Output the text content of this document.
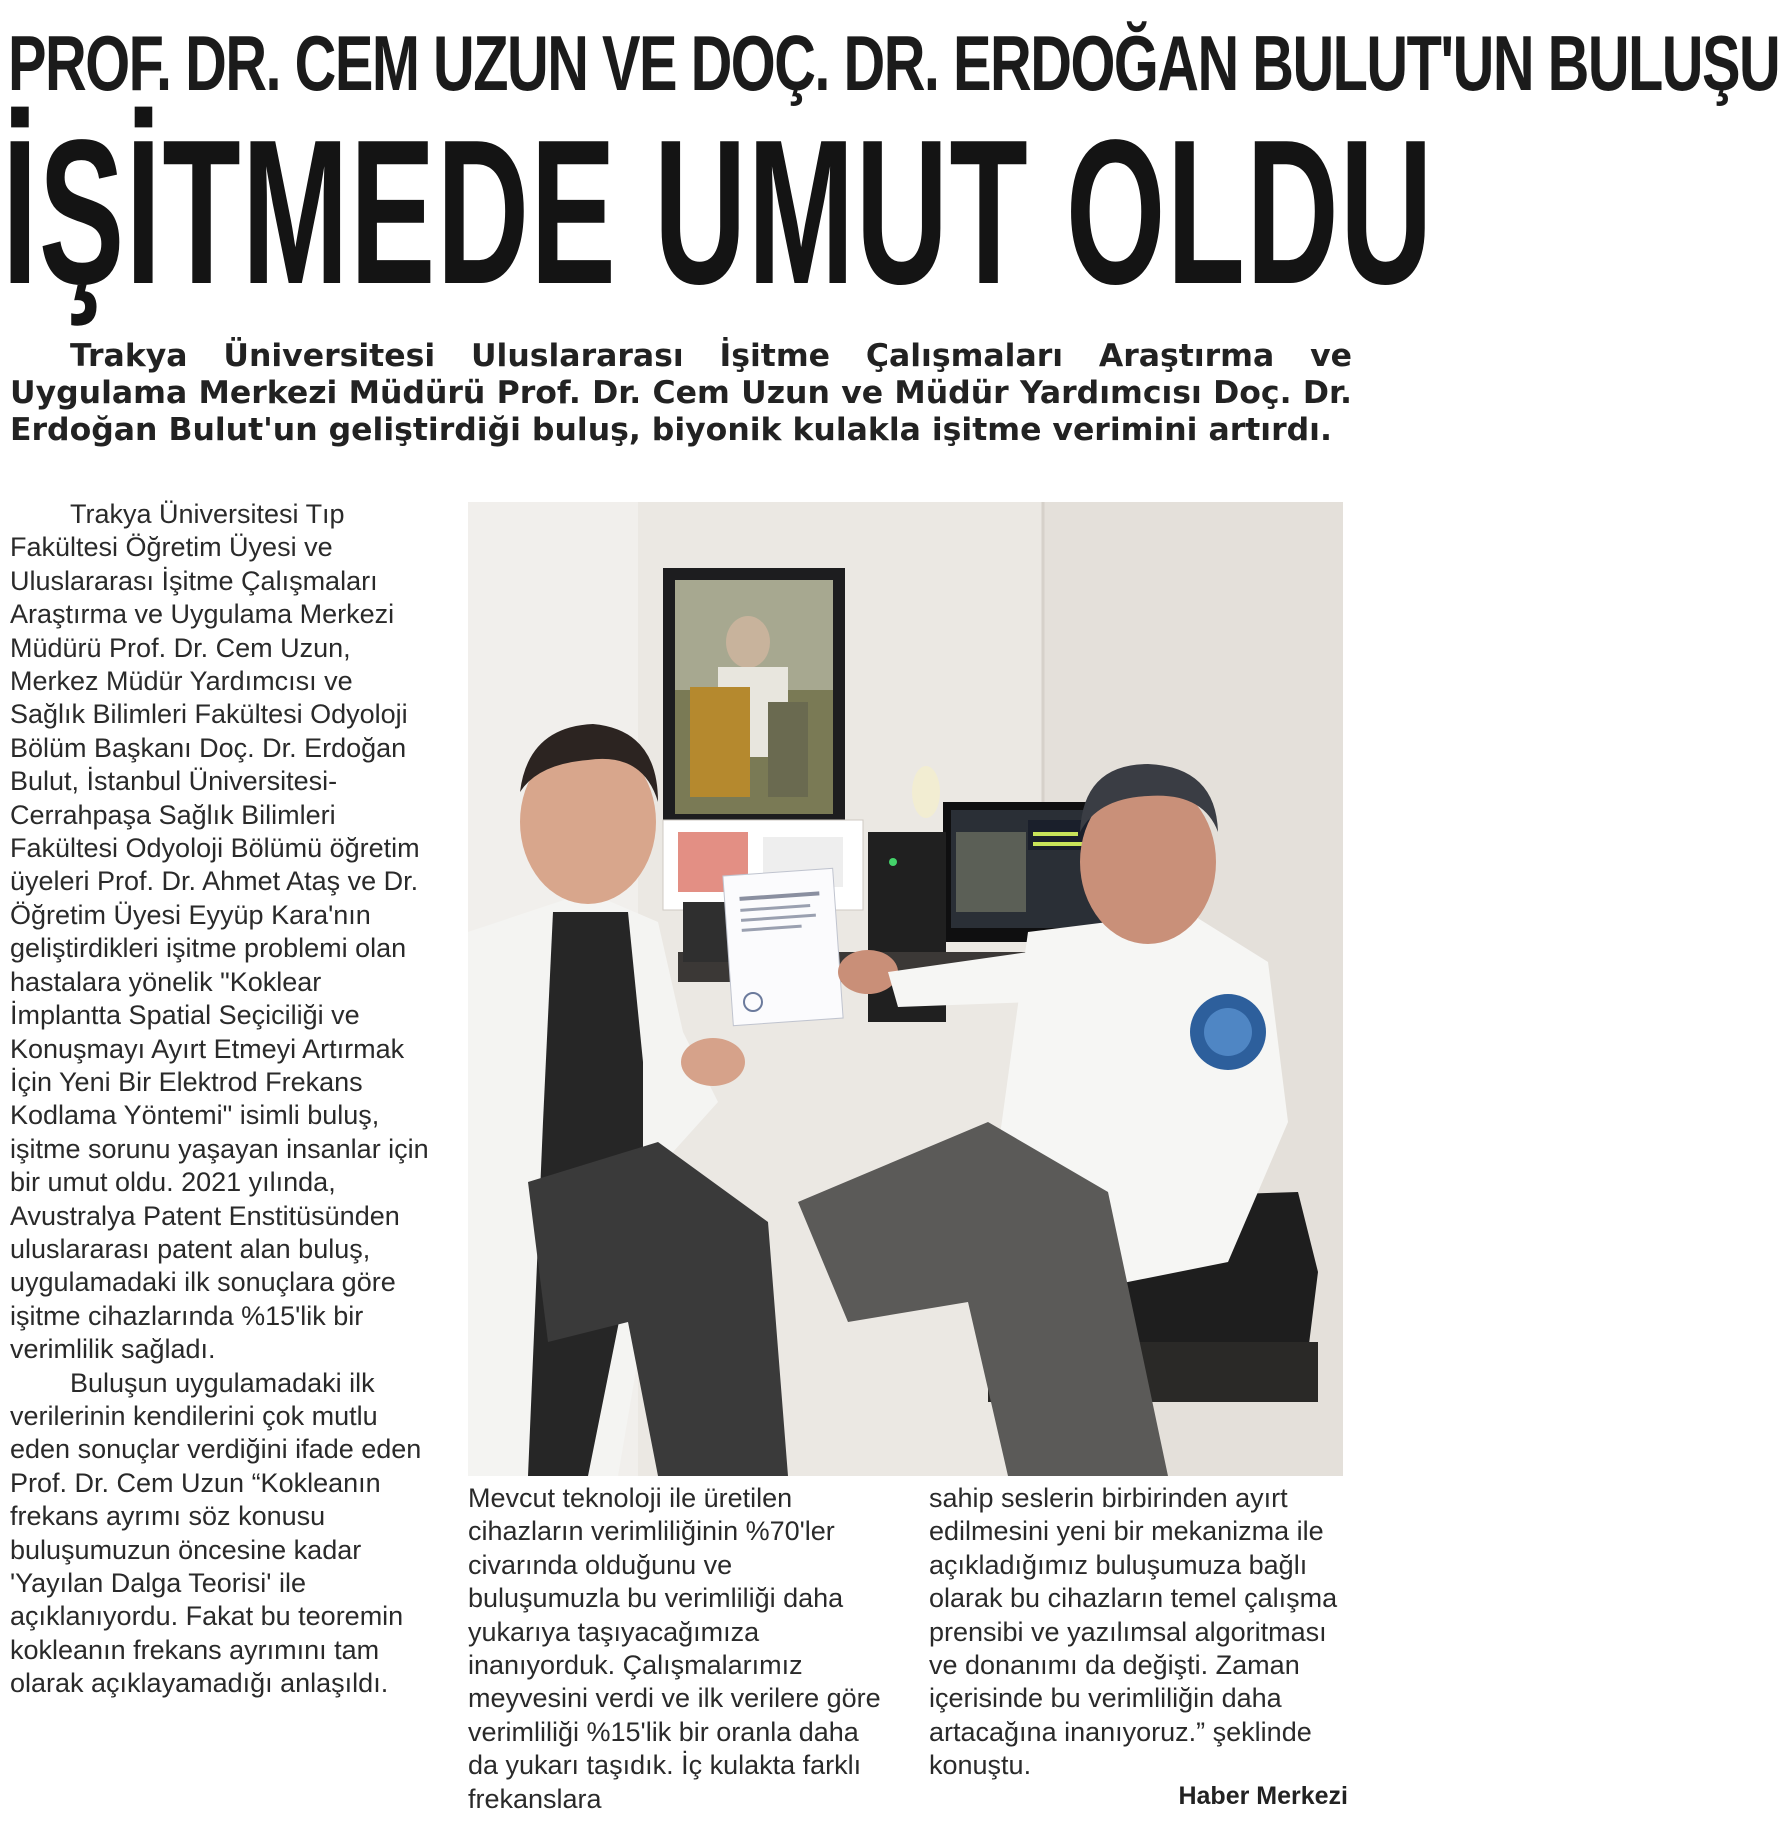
PROF. DR. CEM UZUN VE DOÇ. DR. ERDOĞAN BULUT'UN BULUŞU
İŞİTMEDE UMUT OLDU
Trakya Üniversitesi Uluslararası İşitme Çalışmaları Araştırma ve Uygulama Merkezi Müdürü Prof. Dr. Cem Uzun ve Müdür Yardımcısı Doç. Dr. Erdoğan Bulut'un geliştirdiği buluş, biyonik kulakla işitme verimini artırdı.

Trakya Üniversitesi Tıp Fakültesi Öğretim Üyesi ve Uluslararası İşitme Çalışmaları Araştırma ve Uygulama Merkezi Müdürü Prof. Dr. Cem Uzun, Merkez Müdür Yardımcısı ve Sağlık Bilimleri Fakültesi Odyoloji Bölüm Başkanı Doç. Dr. Erdoğan Bulut, İstanbul Üniversitesi-Cerrahpaşa Sağlık Bilimleri Fakültesi Odyoloji Bölümü öğretim üyeleri Prof. Dr. Ahmet Ataş ve Dr. Öğretim Üyesi Eyyüp Kara'nın geliştirdikleri işitme problemi olan hastalara yönelik "Koklear İmplantta Spatial Seçiciliği ve Konuşmayı Ayırt Etmeyi Artırmak İçin Yeni Bir Elektrod Frekans Kodlama Yöntemi" isimli buluş, işitme sorunu yaşayan insanlar için bir umut oldu. 2021 yılında, Avustralya Patent Enstitüsünden uluslararası patent alan buluş, uygulamadaki ilk sonuçlara göre işitme cihazlarında %15'lik bir verimlilik sağladı.

Buluşun uygulamadaki ilk verilerinin kendilerini çok mutlu eden sonuçlar verdiğini ifade eden Prof. Dr. Cem Uzun “Kokleanın frekans ayrımı söz konusu buluşumuzun öncesine kadar 'Yayılan Dalga Teorisi' ile açıklanıyordu. Fakat bu teoremin kokleanın frekans ayrımını tam olarak açıklayamadığı anlaşıldı.

Mevcut teknoloji ile üretilen cihazların verimliliğinin %70'ler civarında olduğunu ve buluşumuzla bu verimliliği daha yukarıya taşıyacağımıza inanıyorduk. Çalışmalarımız meyvesini verdi ve ilk verilere göre verimliliği %15'lik bir oranla daha da yukarı taşıdık. İç kulakta farklı frekanslara

sahip seslerin birbirinden ayırt edilmesini yeni bir mekanizma ile açıkladığımız buluşumuza bağlı olarak bu cihazların temel çalışma prensibi ve yazılımsal algoritması ve donanımı da değişti. Zaman içerisinde bu verimliliğin daha artacağına inanıyoruz.” şeklinde konuştu.

Haber Merkezi
